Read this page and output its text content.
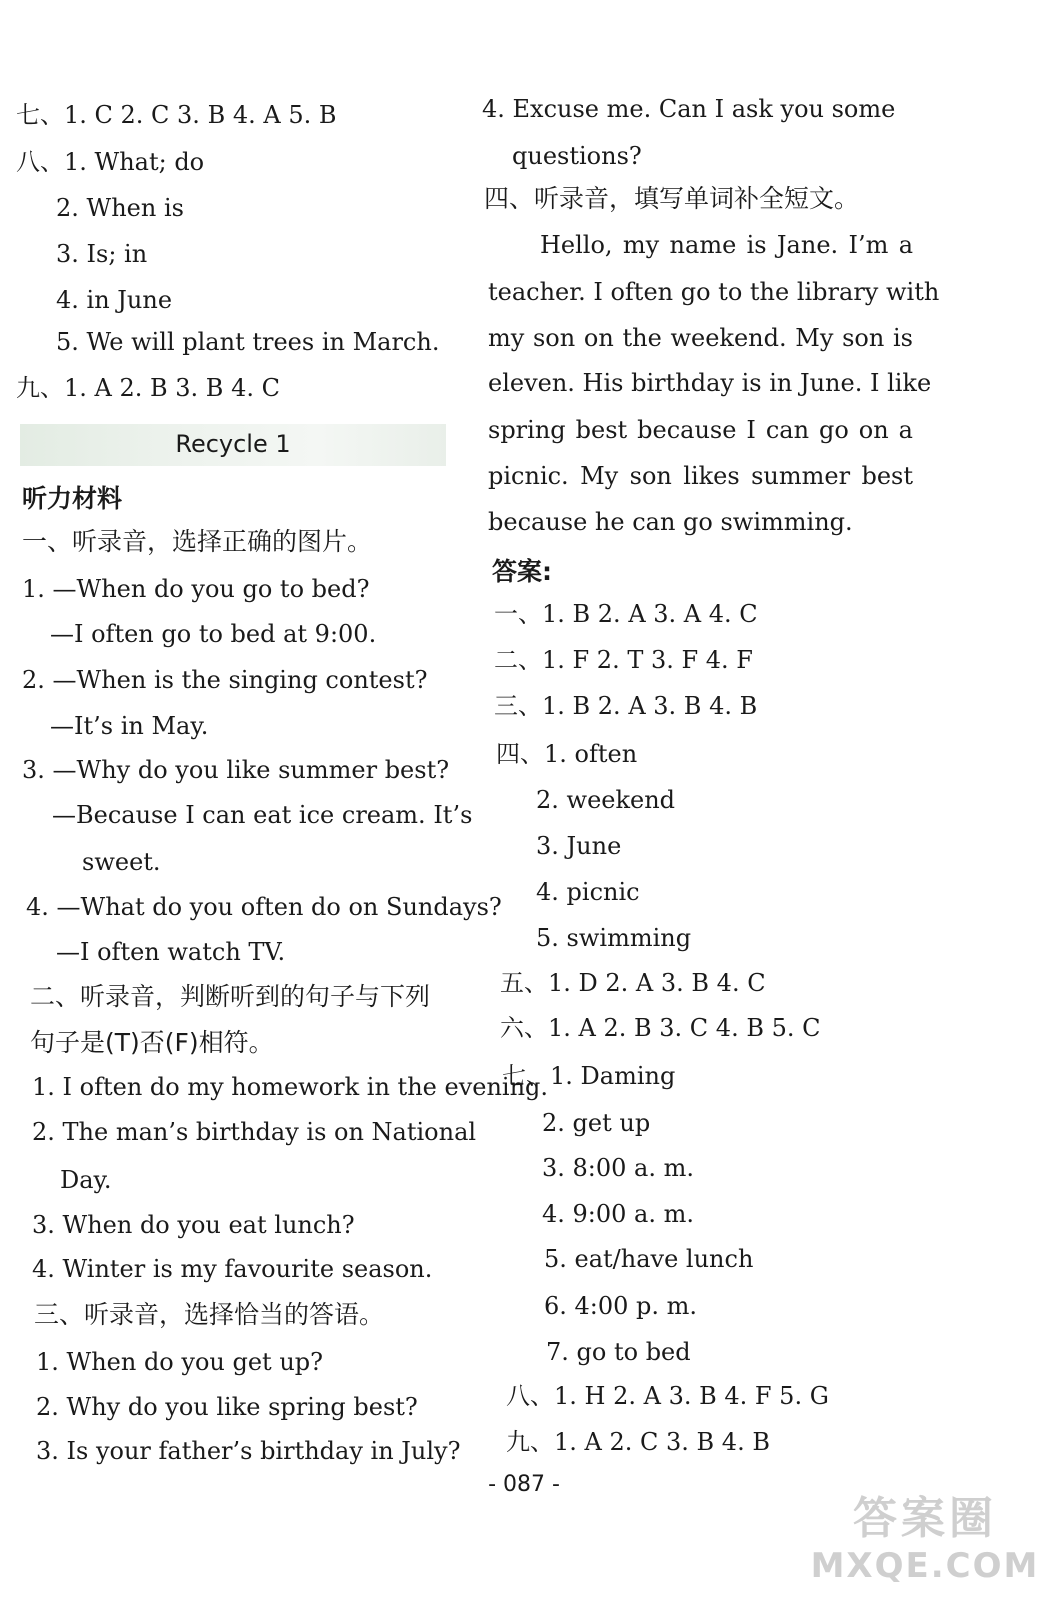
七、1. C 2. C 3. B 4. A 5. B
八、1. What; do
2. When is
3. Is; in
4. in June
5. We will plant trees in March.
九、1. A 2. B 3. B 4. C
Recycle 1
听力材料
一、听录音，选择正确的图片。
1. —When do you go to bed?
—I often go to bed at 9:00.
2. —When is the singing contest?
—It’s in May.
3. —Why do you like summer best?
—Because I can eat ice cream. It’s
sweet.
4. —What do you often do on Sundays?
—I often watch TV.
二、听录音，判断听到的句子与下列
句子是(T)否(F)相符。
1. I often do my homework in the evening.
2. The man’s birthday is on National
Day.
3. When do you eat lunch?
4. Winter is my favourite season.
三、听录音，选择恰当的答语。
1. When do you get up?
2. Why do you like spring best?
3. Is your father’s birthday in July?
4. Excuse me. Can I ask you some
questions?
四、听录音，填写单词补全短文。
Hello, my name is Jane. I’m a
teacher. I often go to the library with
my son on the weekend. My son is
eleven. His birthday is in June. I like
spring best because I can go on a
picnic. My son likes summer best
because he can go swimming.
答案:
一、1. B 2. A 3. A 4. C
二、1. F 2. T 3. F 4. F
三、1. B 2. A 3. B 4. B
四、1. often
2. weekend
3. June
4. picnic
5. swimming
五、1. D 2. A 3. B 4. C
六、1. A 2. B 3. C 4. B 5. C
七、1. Daming
2. get up
3. 8:00 a. m.
4. 9:00 a. m.
5. eat/have lunch
6. 4:00 p. m.
7. go to bed
八、1. H 2. A 3. B 4. F 5. G
九、1. A 2. C 3. B 4. B
- 087 -
答案圈
MXQE.COM
